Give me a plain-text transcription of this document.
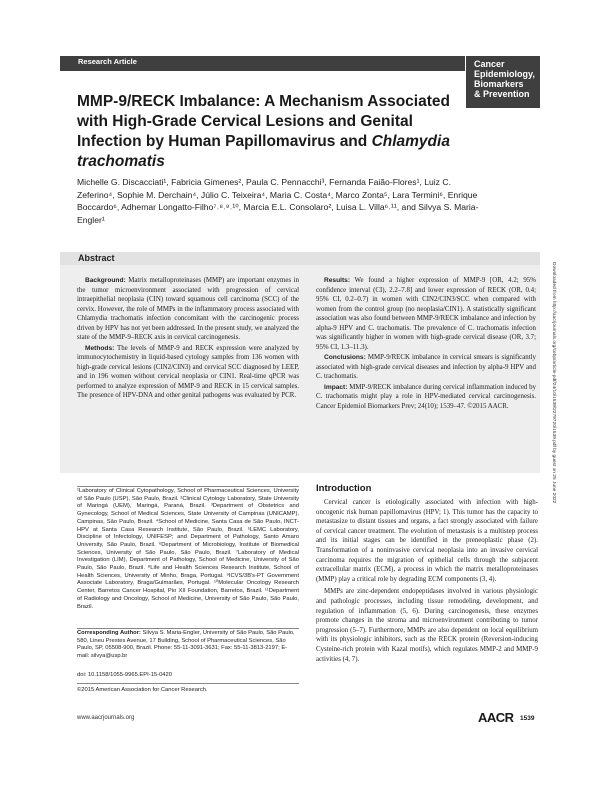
Research Article	Cancer
Epidemiology,
Biomarkers
& Prevention
MMP-9/RECK Imbalance: A Mechanism Associated with High-Grade Cervical Lesions and Genital Infection by Human Papillomavirus and Chlamydia trachomatis
Michelle G. Discacciati¹, Fabricia Gimenes², Paula C. Pennacchi³, Fernanda Faião-Flores¹, Luiz C. Zeferino⁴, Sophie M. Derchain⁴, Júlio C. Teixeira⁴, Maria C. Costa⁴, Marco Zonta⁵, Lara Termini⁶, Enrique Boccardo⁶, Adhemar Longatto-Filho⁷˒⁸˒⁹˒¹⁰, Marcia E.L. Consolaro², Luisa L. Villa⁶˒¹¹, and Silvya S. Maria-Engler¹
Abstract

Background: Matrix metalloproteinases (MMP) are important enzymes in the tumor microenvironment associated with progression of cervical intraepithelial neoplasia (CIN) toward squamous cell carcinoma (SCC) of the cervix. However, the role of MMPs in the inflammatory process associated with Chlamydia trachomatis infection concomitant with the carcinogenic process driven by HPV has not yet been addressed. In the present study, we analyzed the state of the MMP-9–RECK axis in cervical carcinogenesis.

Methods: The levels of MMP-9 and RECK expression were analyzed by immunocytochemistry in liquid-based cytology samples from 136 women with high-grade cervical lesions (CIN2/CIN3) and cervical SCC diagnosed by LEEP, and in 196 women without cervical neoplasia or CIN1. Real-time qPCR was performed to analyze expression of MMP-9 and RECK in 15 cervical samples. The presence of HPV-DNA and other genital pathogens was evaluated by PCR.

Results: We found a higher expression of MMP-9 [OR, 4.2; 95% confidence interval (CI), 2.2–7.8] and lower expression of RECK (OR, 0.4; 95% CI, 0.2–0.7) in women with CIN2/CIN3/SCC when compared with women from the control group (no neoplasia/CIN1). A statistically significant association was also found between MMP-9/RECK imbalance and infection by alpha-9 HPV and C. trachomatis. The prevalence of C. trachomatis infection was significantly higher in women with high-grade cervical disease (OR, 3.7; 95% CI, 1.3–11.3).

Conclusions: MMP-9/RECK imbalance in cervical smears is significantly associated with high-grade cervical diseases and infection by alpha-9 HPV and C. trachomatis.

Impact: MMP-9/RECK imbalance during cervical inflammation induced by C. trachomatis might play a role in HPV-mediated cervical carcinogenesis. Cancer Epidemiol Biomarkers Prev; 24(10); 1539–47. ©2015 AACR.	Downloaded from http://aacrjournals.org/cebp/article-pdf/24/10/1539/2279720/1539.pdf by guest on 25 June 2022
¹Laboratory of Clinical Cytopathology, School of Pharmaceutical Sciences, University of São Paulo (USP), São Paulo, Brazil. ²Clinical Cytology Laboratory, State University of Maringá (UEM), Maringá, Paraná, Brazil. ³Department of Obstetrics and Gynecology, School of Medical Sciences, State University of Campinas (UNICAMP), Campinas, São Paulo, Brazil. ⁴School of Medicine, Santa Casa de São Paulo, INCT-HPV at Santa Casa Research Institute, São Paulo, Brazil. ⁵LEMC Laboratory, Discipline of Infectology, UNIFESP; and Department of Pathology, Santo Amaro University, São Paulo, Brazil. ⁶Department of Microbiology, Institute of Biomedical Sciences, University of São Paulo, São Paulo, Brazil. ⁷Laboratory of Medical Investigation (LIM), Department of Pathology, School of Medicine, University of São Paulo, São Paulo, Brazil. ⁸Life and Health Sciences Research Institute, School of Health Sciences, University of Minho, Braga, Portugal. ⁹ICVS/3B's-PT Government Associate Laboratory, Braga/Guimarães, Portugal. ¹⁰Molecular Oncology Research Center, Barretos Cancer Hospital, Pio XII Foundation, Barretos, Brazil. ¹¹Department of Radiology and Oncology, School of Medicine, University of São Paulo, São Paulo, Brazil.
Corresponding Author: Silvya S. Maria-Engler, University of São Paulo, São Paulo, 580, Lineu Prestes Avenue, 17 Building, School of Pharmaceutical Sciences, São Paulo, SP, 05508-900, Brazil. Phone: 55-11-3091-3631; Fax: 55-11-3813-2197; E-mail: silvya@usp.br
doi: 10.1158/1055-9965.EPI-15-0420
©2015 American Association for Cancer Research.
Introduction

Cervical cancer is etiologically associated with infection with high-oncogenic risk human papillomavirus (HPV; 1). This tumor has the capacity to metastasize to distant tissues and organs, a fact strongly associated with failure of cervical cancer treatment. The evolution of metastasis is a multistep process and its initial stages can be identified in the preneoplastic phase (2). Transformation of a noninvasive cervical neoplasia into an invasive cervical carcinoma requires the migration of epithelial cells through the subjacent extracellular matrix (ECM), a process in which the matrix metalloproteinases (MMP) play a critical role by degrading ECM components (3, 4).

MMPs are zinc-dependent endopeptidases involved in various physiologic and pathologic processes, including tissue remodeling, development, and regulation of inflammation (5, 6). During carcinogenesis, these enzymes promote changes in the stroma and microenvironment contributing to tumor progression (5–7). Furthermore, MMPs are also dependent on local equilibrium with its physiologic inhibitors, such as the RECK protein (Reversion-inducing Cysteine-rich protein with Kazal motifs), which regulates MMP-2 and MMP-9 activities (4, 7).

www.aacrjournals.org	AACR 1539
